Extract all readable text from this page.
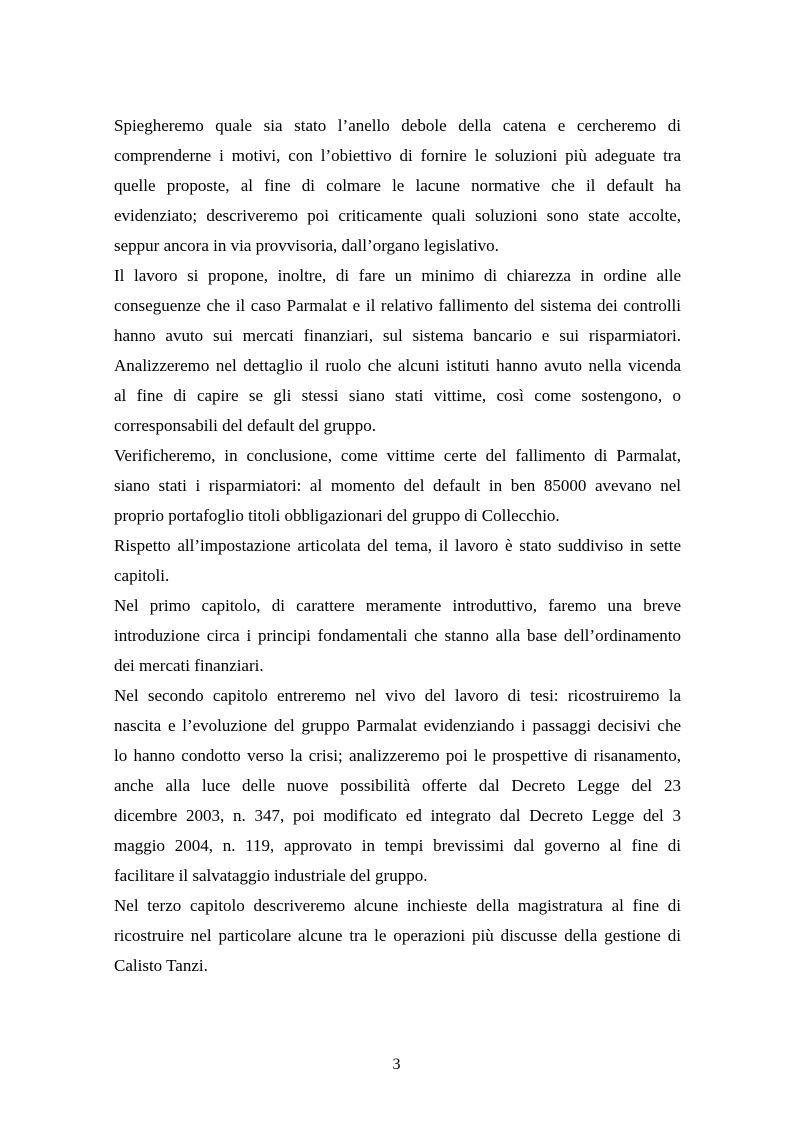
Spiegheremo quale sia stato l’anello debole della catena e cercheremo di
comprenderne i motivi, con l’obiettivo di fornire le soluzioni più adeguate tra
quelle proposte, al fine di colmare le lacune normative che il default ha
evidenziato; descriveremo poi criticamente quali soluzioni sono state accolte,
seppur ancora in via provvisoria, dall’organo legislativo.
Il lavoro si propone, inoltre, di fare un minimo di chiarezza in ordine alle
conseguenze che il caso Parmalat e il relativo fallimento del sistema dei controlli
hanno avuto sui mercati finanziari, sul sistema bancario e sui risparmiatori.
Analizzeremo nel dettaglio il ruolo che alcuni istituti hanno avuto nella vicenda
al fine di capire se gli stessi siano stati vittime, così come sostengono, o
corresponsabili del default del gruppo.
Verificheremo, in conclusione, come vittime certe del fallimento di Parmalat,
siano stati i risparmiatori: al momento del default in ben 85000 avevano nel
proprio portafoglio titoli obbligazionari del gruppo di Collecchio.
Rispetto all’impostazione articolata del tema, il lavoro è stato suddiviso in sette
capitoli.
Nel primo capitolo, di carattere meramente introduttivo, faremo una breve
introduzione circa i principi fondamentali che stanno alla base dell’ordinamento
dei mercati finanziari.
Nel secondo capitolo entreremo nel vivo del lavoro di tesi: ricostruiremo la
nascita e l’evoluzione del gruppo Parmalat evidenziando i passaggi decisivi che
lo hanno condotto verso la crisi; analizzeremo poi le prospettive di risanamento,
anche alla luce delle nuove possibilità offerte dal Decreto Legge del 23
dicembre 2003, n. 347, poi modificato ed integrato dal Decreto Legge del 3
maggio 2004, n. 119, approvato in tempi brevissimi dal governo al fine di
facilitare il salvataggio industriale del gruppo.
Nel terzo capitolo descriveremo alcune inchieste della magistratura al fine di
ricostruire nel particolare alcune tra le operazioni più discusse della gestione di
Calisto Tanzi.
3
